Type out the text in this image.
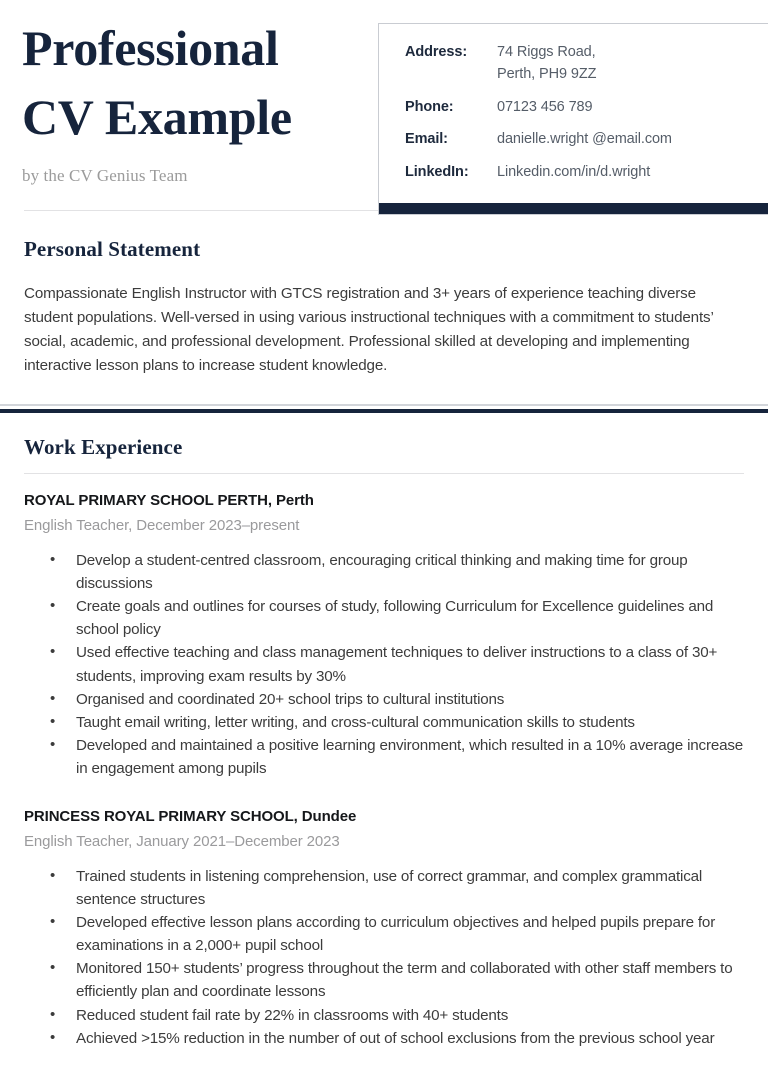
Professional
CV Example
by the CV Genius Team
Address:	74 Riggs Road,
Perth, PH9 9ZZ
Phone:	07123 456 789
Email:	danielle.wright @email.com
LinkedIn:	Linkedin.com/in/d.wright
Personal Statement

Compassionate English Instructor with GTCS registration and 3+ years of experience teaching diverse student populations. Well-versed in using various instructional techniques with a commitment to students’ social, academic, and professional development. Professional skilled at developing and implementing interactive lesson plans to increase student knowledge.

Work Experience
ROYAL PRIMARY SCHOOL PERTH, Perth
English Teacher, December 2023–present
• Develop a student-centred classroom, encouraging critical thinking and making time for group discussions
• Create goals and outlines for courses of study, following Curriculum for Excellence guidelines and school policy
• Used effective teaching and class management techniques to deliver instructions to a class of 30+ students, improving exam results by 30%
• Organised and coordinated 20+ school trips to cultural institutions
• Taught email writing, letter writing, and cross-cultural communication skills to students
• Developed and maintained a positive learning environment, which resulted in a 10% average increase in engagement among pupils
PRINCESS ROYAL PRIMARY SCHOOL, Dundee
English Teacher, January 2021–December 2023
• Trained students in listening comprehension, use of correct grammar, and complex grammatical sentence structures
• Developed effective lesson plans according to curriculum objectives and helped pupils prepare for examinations in a 2,000+ pupil school
• Monitored 150+ students’ progress throughout the term and collaborated with other staff members to efficiently plan and coordinate lessons
• Reduced student fail rate by 22% in classrooms with 40+ students
• Achieved >15% reduction in the number of out of school exclusions from the previous school year
